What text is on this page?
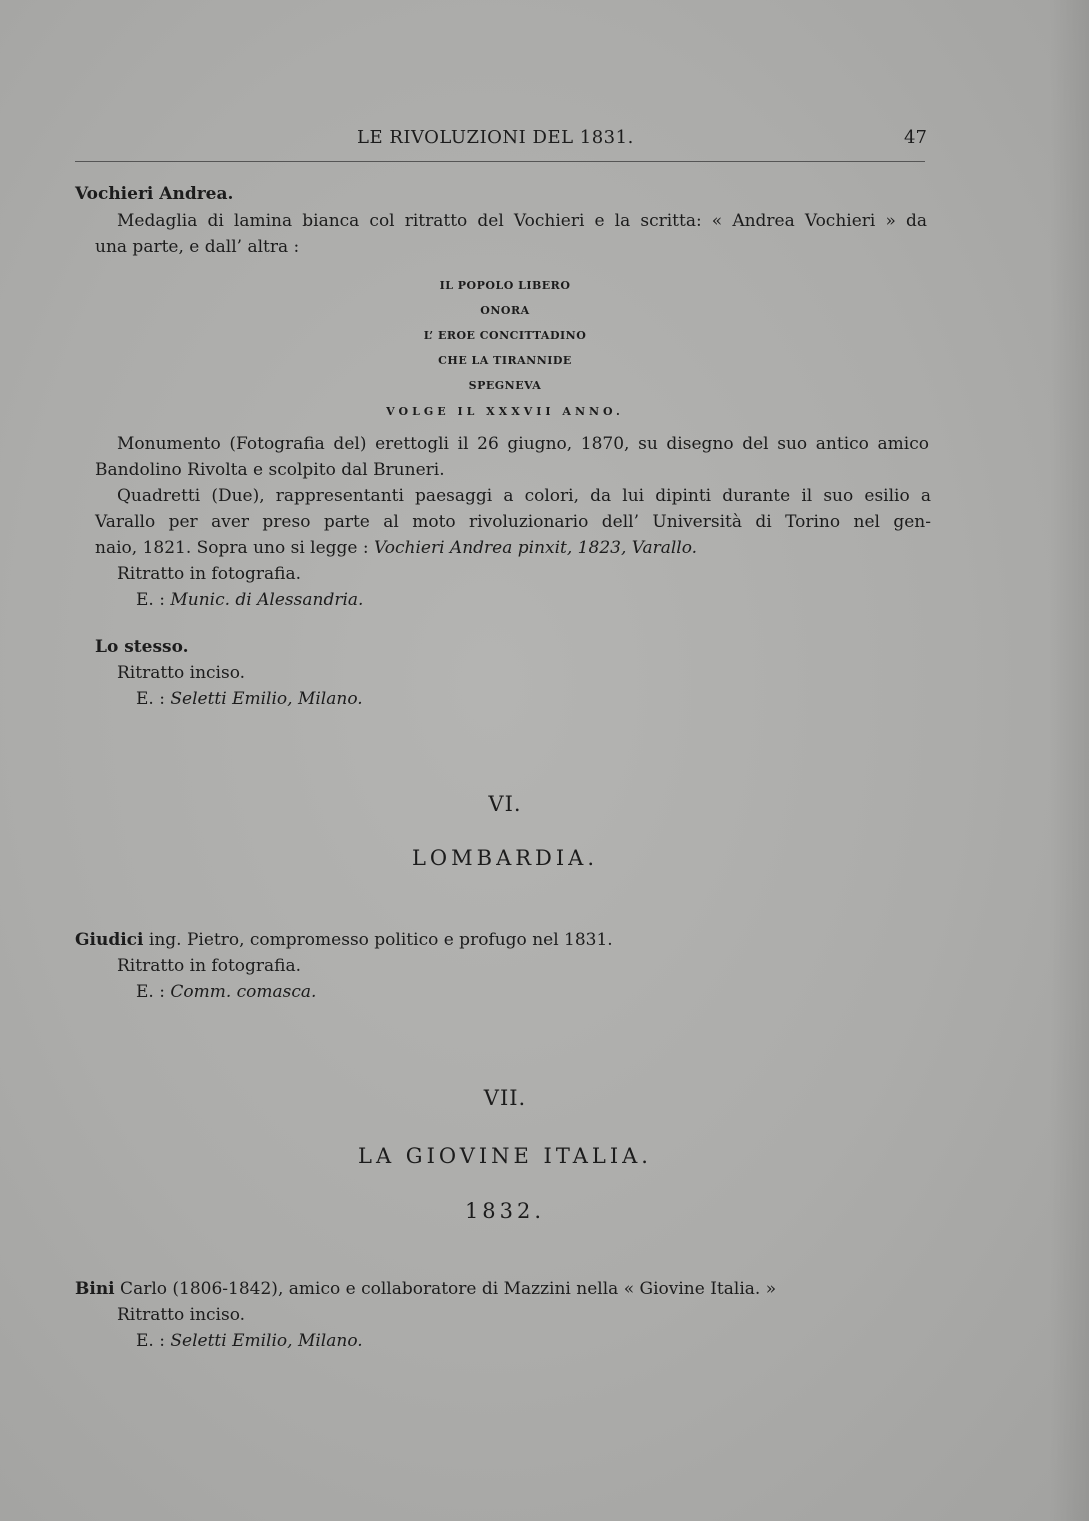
LE RIVOLUZIONI DEL 1831.	47
Vochieri Andrea.
Medaglia di lamina bianca col ritratto del Vochieri e la scritta: « Andrea Vochieri » da
una parte, e dall’ altra :
IL POPOLO LIBERO
ONORA
L’ EROE CONCITTADINO
CHE LA TIRANNIDE
SPEGNEVA
VOLGE IL XXXVII ANNO.
Monumento (Fotografia del) erettogli il 26 giugno, 1870, su disegno del suo antico amico
Bandolino Rivolta e scolpito dal Bruneri.
Quadretti (Due), rappresentanti paesaggi a colori, da lui dipinti durante il suo esilio a
Varallo per aver preso parte al moto rivoluzionario dell’ Università di Torino nel gen-
naio, 1821. Sopra uno si legge : Vochieri Andrea pinxit, 1823, Varallo.
Ritratto in fotografia.
E. : Munic. di Alessandria.
Lo stesso.
Ritratto inciso.
E. : Seletti Emilio, Milano.
VI.
LOMBARDIA.
Giudici ing. Pietro, compromesso politico e profugo nel 1831.
Ritratto in fotografia.
E. : Comm. comasca.
VII.
LA GIOVINE ITALIA.
1832.
Bini Carlo (1806-1842), amico e collaboratore di Mazzini nella « Giovine Italia. »
Ritratto inciso.
E. : Seletti Emilio, Milano.
